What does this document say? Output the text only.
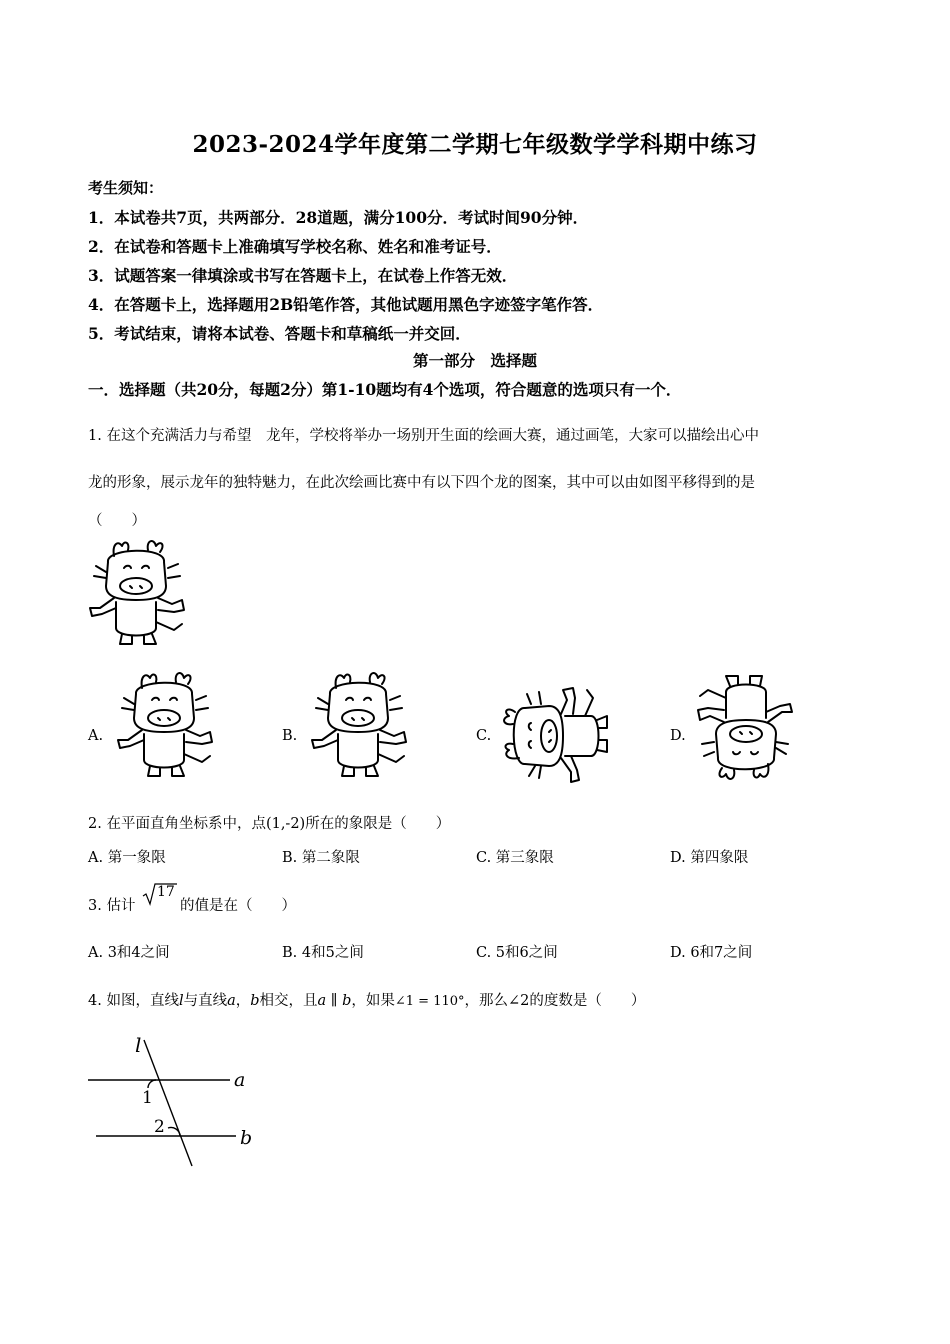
2023-2024学年度第二学期七年级数学学科期中练习
考生须知：
1．本试卷共7页，共两部分．28道题，满分100分．考试时间90分钟．
2．在试卷和答题卡上准确填写学校名称、姓名和准考证号．
3．试题答案一律填涂或书写在答题卡上，在试卷上作答无效．
4．在答题卡上，选择题用2B铅笔作答，其他试题用黑色字迹签字笔作答．
5．考试结束，请将本试卷、答题卡和草稿纸一并交回．
第一部分　选择题
一．选择题（共20分，每题2分）第1-10题均有4个选项，符合题意的选项只有一个．
1. 在这个充满活力与希望　龙年，学校将举办一场别开生面的绘画大赛，通过画笔，大家可以描绘出心中
龙的形象，展示龙年的独特魅力，在此次绘画比赛中有以下四个龙的图案，其中可以由如图平移得到的是
（　　）
A.	B.	C.	D.
2. 在平面直角坐标系中，点(1,-2)所在的象限是（　　）
A. 第一象限	B. 第二象限	C. 第三象限	D. 第四象限
3. 估计
17
的值是在（　　）
A. 3和4之间	B. 4和5之间	C. 5和6之间	D. 6和7之间
4. 如图，直线l与直线a，b相交，且a ∥ b，如果∠1 = 110°，那么∠2的度数是（　　）
l
a
b
1
2
